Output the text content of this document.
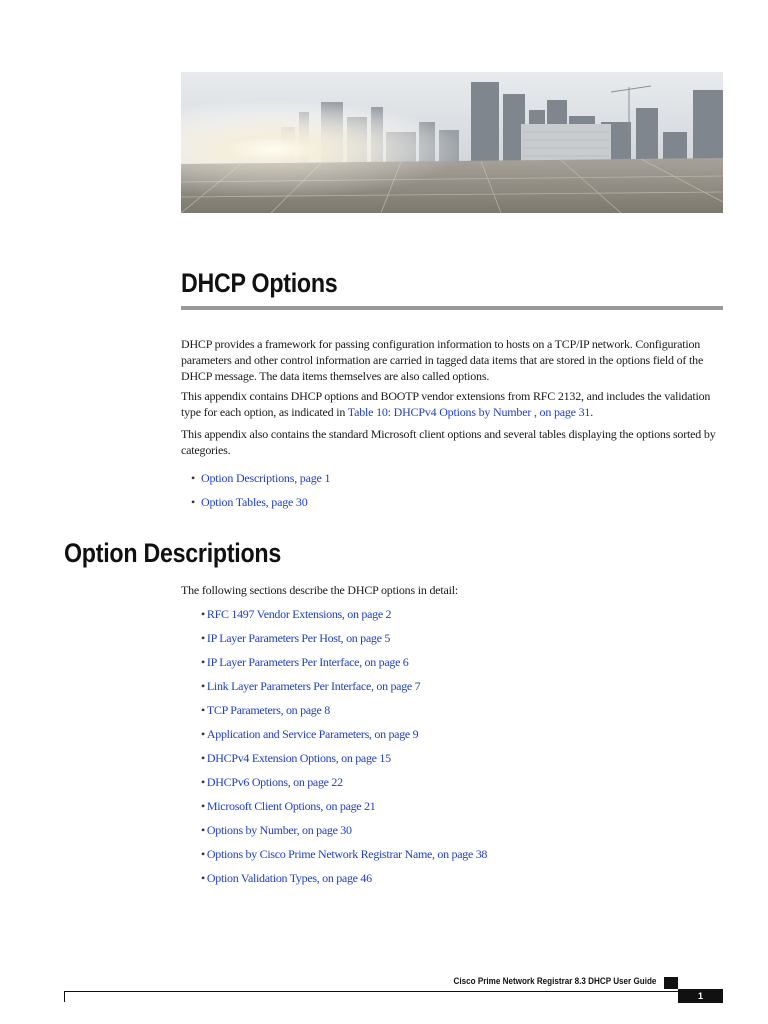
DHCP Options

DHCP provides a framework for passing configuration information to hosts on a TCP/IP network. Configuration parameters and other control information are carried in tagged data items that are stored in the options field of the DHCP message. The data items themselves are also called options.

This appendix contains DHCP options and BOOTP vendor extensions from RFC 2132, and includes the validation type for each option, as indicated in Table 10: DHCPv4 Options by Number , on page 31.

This appendix also contains the standard Microsoft client options and several tables displaying the options sorted by categories.

• Option Descriptions, page 1
• Option Tables, page 30
Option Descriptions

The following sections describe the DHCP options in detail:

• RFC 1497 Vendor Extensions, on page 2
• IP Layer Parameters Per Host, on page 5
• IP Layer Parameters Per Interface, on page 6
• Link Layer Parameters Per Interface, on page 7
• TCP Parameters, on page 8
• Application and Service Parameters, on page 9
• DHCPv4 Extension Options, on page 15
• DHCPv6 Options, on page 22
• Microsoft Client Options, on page 21
• Options by Number, on page 30
• Options by Cisco Prime Network Registrar Name, on page 38
• Option Validation Types, on page 46
Cisco Prime Network Registrar 8.3 DHCP User Guide
1
